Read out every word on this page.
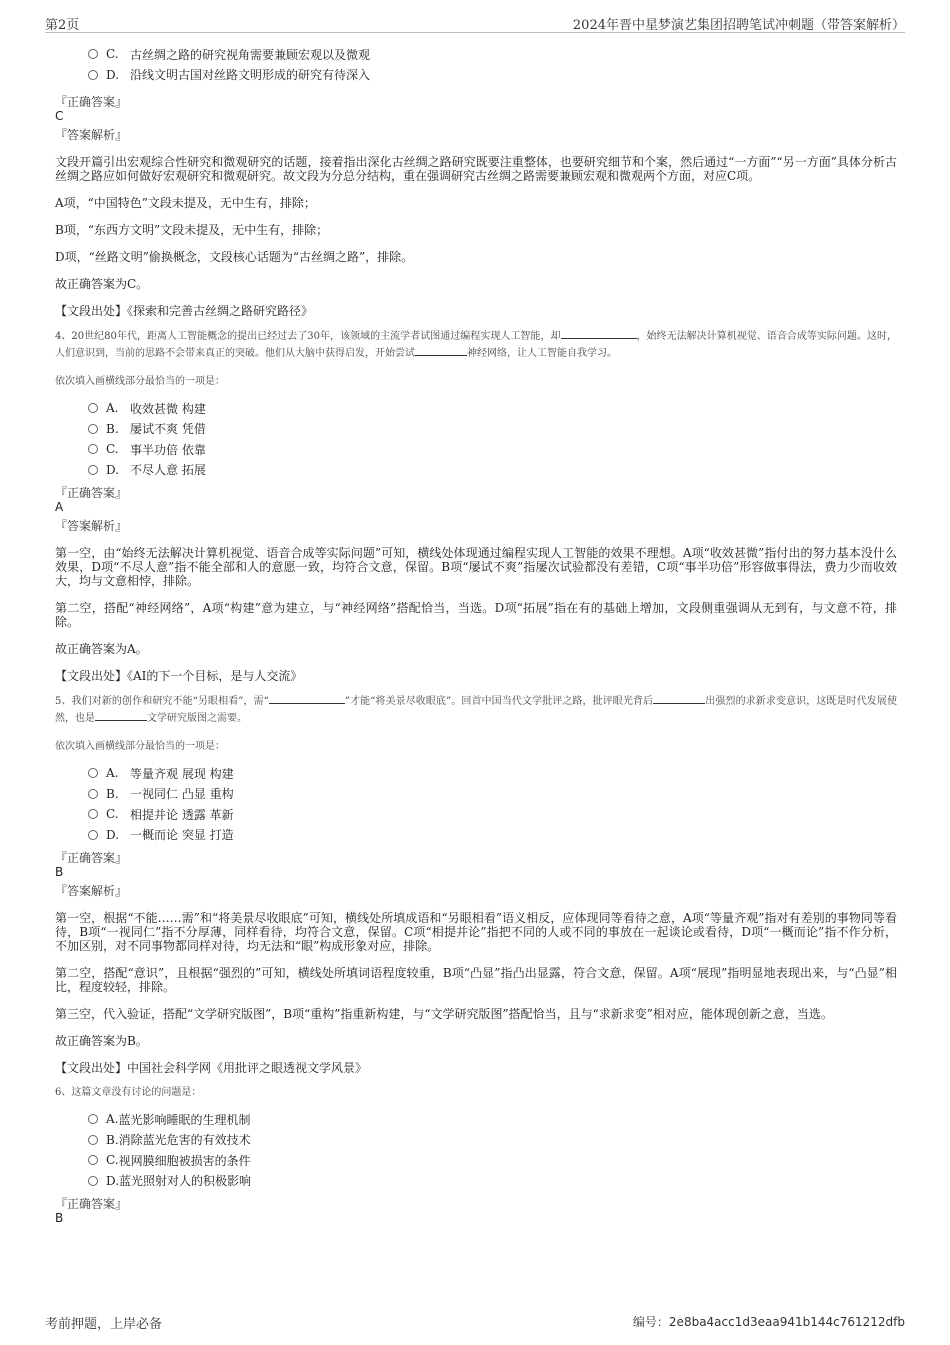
第2页	2024年晋中星梦演艺集团招聘笔试冲刺题（带答案解析）
C. 古丝绸之路的研究视角需要兼顾宏观以及微观
D. 沿线文明古国对丝路文明形成的研究有待深入
『正确答案』
C
『答案解析』

文段开篇引出宏观综合性研究和微观研究的话题，接着指出深化古丝绸之路研究既要注重整体，也要研究细节和个案，然后通过“一方面”“另一方面”具体分析古丝绸之路应如何做好宏观研究和微观研究。故文段为分总分结构，重在强调研究古丝绸之路需要兼顾宏观和微观两个方面，对应C项。

A项，“中国特色”文段未提及，无中生有，排除；

B项，“东西方文明”文段未提及，无中生有，排除；

D项，“丝路文明”偷换概念，文段核心话题为“古丝绸之路”，排除。

故正确答案为C。

【文段出处】《探索和完善古丝绸之路研究路径》

4、20世纪80年代，距离人工智能概念的提出已经过去了30年，该领域的主流学者试图通过编程实现人工智能，却	，始终无法解决计算机视觉、语音合成等实际问题。这时，人们意识到，当前的思路不会带来真正的突破。他们从大脑中获得启发，开始尝试	神经网络，让人工智能自我学习。

依次填入画横线部分最恰当的一项是：

A. 收效甚微 构建
B. 屡试不爽 凭借
C. 事半功倍 依靠
D. 不尽人意 拓展
『正确答案』
A
『答案解析』

第一空，由“始终无法解决计算机视觉、语音合成等实际问题”可知，横线处体现通过编程实现人工智能的效果不理想。A项“收效甚微”指付出的努力基本没什么效果，D项“不尽人意”指不能全部和人的意愿一致，均符合文意，保留。B项“屡试不爽”指屡次试验都没有差错，C项“事半功倍”形容做事得法，费力少而收效大，均与文意相悖，排除。

第二空，搭配“神经网络”，A项“构建”意为建立，与“神经网络”搭配恰当，当选。D项“拓展”指在有的基础上增加，文段侧重强调从无到有，与文意不符，排除。

故正确答案为A。

【文段出处】《AI的下一个目标，是与人交流》

5、我们对新的创作和研究不能“另眼相看”，需“	”才能“将美景尽收眼底”。回首中国当代文学批评之路，批评眼光背后	出强烈的求新求变意识，这既是时代发展使然，也是	文学研究版图之需要。

依次填入画横线部分最恰当的一项是：

A. 等量齐观 展现 构建
B. 一视同仁 凸显 重构
C. 相提并论 透露 革新
D. 一概而论 突显 打造
『正确答案』
B
『答案解析』

第一空，根据“不能……需”和“将美景尽收眼底”可知，横线处所填成语和“另眼相看”语义相反，应体现同等看待之意，A项“等量齐观”指对有差别的事物同等看待，B项“一视同仁”指不分厚薄，同样看待，均符合文意，保留。C项“相提并论”指把不同的人或不同的事放在一起谈论或看待，D项“一概而论”指不作分析，不加区别，对不同事物都同样对待，均无法和“眼”构成形象对应，排除。

第二空，搭配“意识”，且根据“强烈的”可知，横线处所填词语程度较重，B项“凸显”指凸出显露，符合文意，保留。A项“展现”指明显地表现出来，与“凸显”相比，程度较轻，排除。

第三空，代入验证，搭配“文学研究版图”，B项“重构”指重新构建，与“文学研究版图”搭配恰当，且与“求新求变”相对应，能体现创新之意，当选。

故正确答案为B。

【文段出处】中国社会科学网《用批评之眼透视文学风景》

6、这篇文章没有讨论的问题是：

A. 蓝光影响睡眠的生理机制
B. 消除蓝光危害的有效技术
C. 视网膜细胞被损害的条件
D. 蓝光照射对人的积极影响
『正确答案』
B
考前押题，上岸必备	编号：2e8ba4acc1d3eaa941b144c761212dfb
